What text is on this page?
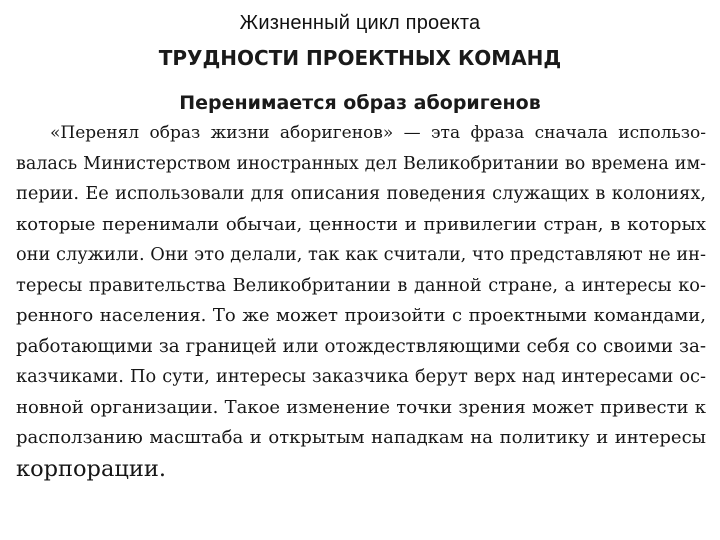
Жизненный цикл проекта
ТРУДНОСТИ ПРОЕКТНЫХ КОМАНД
Перенимается образ аборигенов
«Перенял образ жизни аборигенов» — эта фраза сначала использо-
валась Министерством иностранных дел Великобритании во времена им-
перии. Ее использовали для описания поведения служащих в колониях,
которые перенимали обычаи, ценности и привилегии стран, в которых
они служили. Они это делали, так как считали, что представляют не ин-
тересы правительства Великобритании в данной стране, а интересы ко-
ренного населения. То же может произойти с проектными командами,
работающими за границей или отождествляющими себя со своими за-
казчиками. По сути, интересы заказчика берут верх над интересами ос-
новной организации. Такое изменение точки зрения может привести к
расползанию масштаба и открытым нападкам на политику и интересы
корпорации.
